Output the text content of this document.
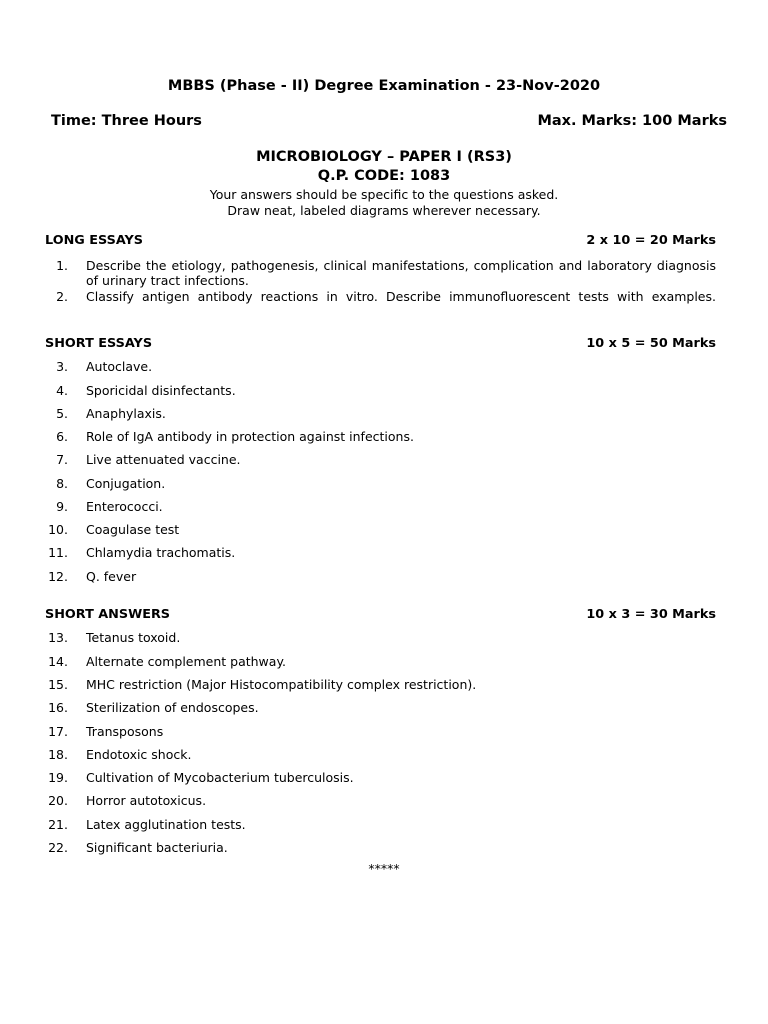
MBBS (Phase - II) Degree Examination - 23-Nov-2020
Time: Three Hours	Max. Marks: 100 Marks
MICROBIOLOGY – PAPER I (RS3)
Q.P. CODE: 1083
Your answers should be specific to the questions asked.
Draw neat, labeled diagrams wherever necessary.
LONG ESSAYS	2 x 10 = 20 Marks
1. Describe the etiology, pathogenesis, clinical manifestations, complication and laboratory diagnosis of urinary tract infections.
2. Classify antigen antibody reactions in vitro. Describe immunofluorescent tests with examples.
SHORT ESSAYS	10 x 5 = 50 Marks
3. Autoclave.
4. Sporicidal disinfectants.
5. Anaphylaxis.
6. Role of IgA antibody in protection against infections.
7. Live attenuated vaccine.
8. Conjugation.
9. Enterococci.
10. Coagulase test
11. Chlamydia trachomatis.
12. Q. fever
SHORT ANSWERS	10 x 3 = 30 Marks
13. Tetanus toxoid.
14. Alternate complement pathway.
15. MHC restriction (Major Histocompatibility complex restriction).
16. Sterilization of endoscopes.
17. Transposons
18. Endotoxic shock.
19. Cultivation of Mycobacterium tuberculosis.
20. Horror autotoxicus.
21. Latex agglutination tests.
22. Significant bacteriuria.
*****
